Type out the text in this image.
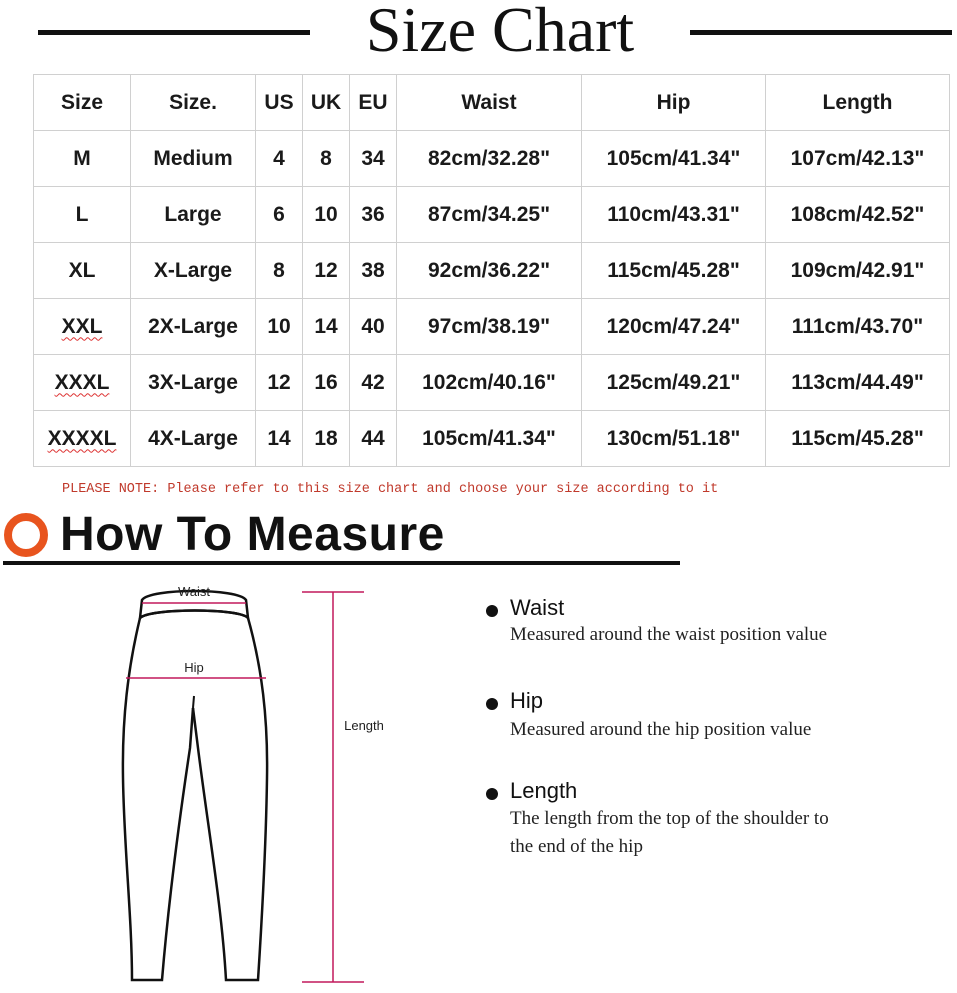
Size Chart
Size	Size.	US	UK	EU	Waist	Hip	Length
M	Medium	4	8	34	82cm/32.28"	105cm/41.34"	107cm/42.13"
L	Large	6	10	36	87cm/34.25"	110cm/43.31"	108cm/42.52"
XL	X-Large	8	12	38	92cm/36.22"	115cm/45.28"	109cm/42.91"
XXL	2X-Large	10	14	40	97cm/38.19"	120cm/47.24"	111cm/43.70"
XXXL	3X-Large	12	16	42	102cm/40.16"	125cm/49.21"	113cm/44.49"
XXXXL	4X-Large	14	18	44	105cm/41.34"	130cm/51.18"	115cm/45.28"
PLEASE NOTE: Please refer to this size chart and choose your size according to it
How To Measure
Waist
Hip
Length
Waist
Measured around the waist position value
Hip
Measured around the hip position value
Length
The length from the top of the shoulder to
the end of the hip
